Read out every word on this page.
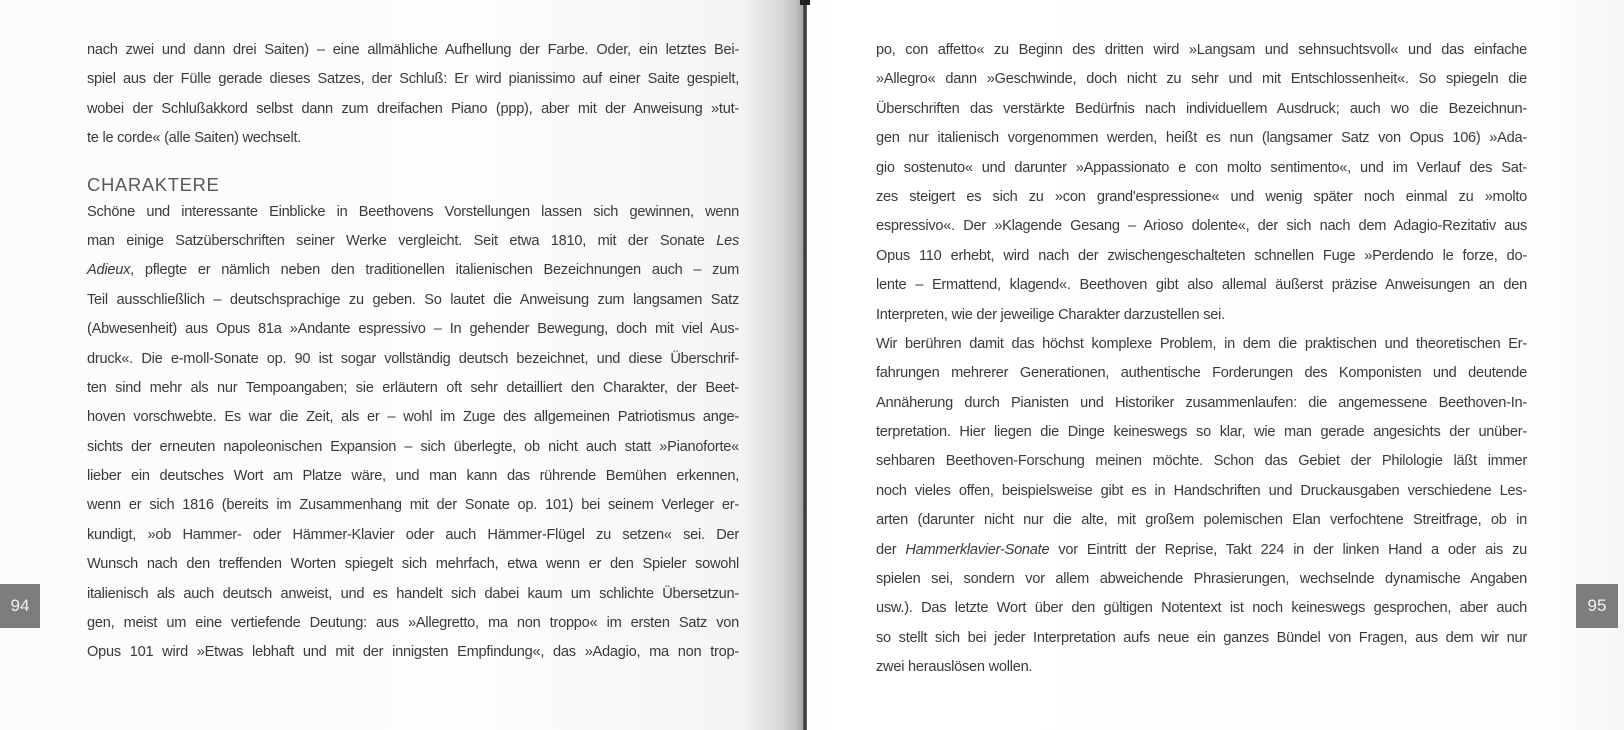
nach zwei und dann drei Saiten) – eine allmähliche Aufhellung der Farbe. Oder, ein letztes Bei-
spiel aus der Fülle gerade dieses Satzes, der Schluß: Er wird pianissimo auf einer Saite gespielt,
wobei der Schlußakkord selbst dann zum dreifachen Piano (ppp), aber mit der Anweisung »tut-
te le corde« (alle Saiten) wechselt.
CHARAKTERE
Schöne und interessante Einblicke in Beethovens Vorstellungen lassen sich gewinnen, wenn
man einige Satzüberschriften seiner Werke vergleicht. Seit etwa 1810, mit der Sonate Les
Adieux, pflegte er nämlich neben den traditionellen italienischen Bezeichnungen auch – zum
Teil ausschließlich – deutschsprachige zu geben. So lautet die Anweisung zum langsamen Satz
(Abwesenheit) aus Opus 81a »Andante espressivo – In gehender Bewegung, doch mit viel Aus-
druck«. Die e-moll-Sonate op. 90 ist sogar vollständig deutsch bezeichnet, und diese Überschrif-
ten sind mehr als nur Tempoangaben; sie erläutern oft sehr detailliert den Charakter, der Beet-
hoven vorschwebte. Es war die Zeit, als er – wohl im Zuge des allgemeinen Patriotismus ange-
sichts der erneuten napoleonischen Expansion – sich überlegte, ob nicht auch statt »Pianoforte«
lieber ein deutsches Wort am Platze wäre, und man kann das rührende Bemühen erkennen,
wenn er sich 1816 (bereits im Zusammenhang mit der Sonate op. 101) bei seinem Verleger er-
kundigt, »ob Hammer- oder Hämmer-Klavier oder auch Hämmer-Flügel zu setzen« sei. Der
Wunsch nach den treffenden Worten spiegelt sich mehrfach, etwa wenn er den Spieler sowohl
italienisch als auch deutsch anweist, und es handelt sich dabei kaum um schlichte Übersetzun-
gen, meist um eine vertiefende Deutung: aus »Allegretto, ma non troppo« im ersten Satz von
Opus 101 wird »Etwas lebhaft und mit der innigsten Empfindung«, das »Adagio, ma non trop-
94
po, con affetto« zu Beginn des dritten wird »Langsam und sehnsuchtsvoll« und das einfache
»Allegro« dann »Geschwinde, doch nicht zu sehr und mit Entschlossenheit«. So spiegeln die
Überschriften das verstärkte Bedürfnis nach individuellem Ausdruck; auch wo die Bezeichnun-
gen nur italienisch vorgenommen werden, heißt es nun (langsamer Satz von Opus 106) »Ada-
gio sostenuto« und darunter »Appassionato e con molto sentimento«, und im Verlauf des Sat-
zes steigert es sich zu »con grand'espressione« und wenig später noch einmal zu »molto
espressivo«. Der »Klagende Gesang – Arioso dolente«, der sich nach dem Adagio-Rezitativ aus
Opus 110 erhebt, wird nach der zwischengeschalteten schnellen Fuge »Perdendo le forze, do-
lente – Ermattend, klagend«. Beethoven gibt also allemal äußerst präzise Anweisungen an den
Interpreten, wie der jeweilige Charakter darzustellen sei.
Wir berühren damit das höchst komplexe Problem, in dem die praktischen und theoretischen Er-
fahrungen mehrerer Generationen, authentische Forderungen des Komponisten und deutende
Annäherung durch Pianisten und Historiker zusammenlaufen: die angemessene Beethoven-In-
terpretation. Hier liegen die Dinge keineswegs so klar, wie man gerade angesichts der unüber-
sehbaren Beethoven-Forschung meinen möchte. Schon das Gebiet der Philologie läßt immer
noch vieles offen, beispielsweise gibt es in Handschriften und Druckausgaben verschiedene Les-
arten (darunter nicht nur die alte, mit großem polemischen Elan verfochtene Streitfrage, ob in
der Hammerklavier-Sonate vor Eintritt der Reprise, Takt 224 in der linken Hand a oder ais zu
spielen sei, sondern vor allem abweichende Phrasierungen, wechselnde dynamische Angaben
usw.). Das letzte Wort über den gültigen Notentext ist noch keineswegs gesprochen, aber auch
so stellt sich bei jeder Interpretation aufs neue ein ganzes Bündel von Fragen, aus dem wir nur
zwei herauslösen wollen.
95
